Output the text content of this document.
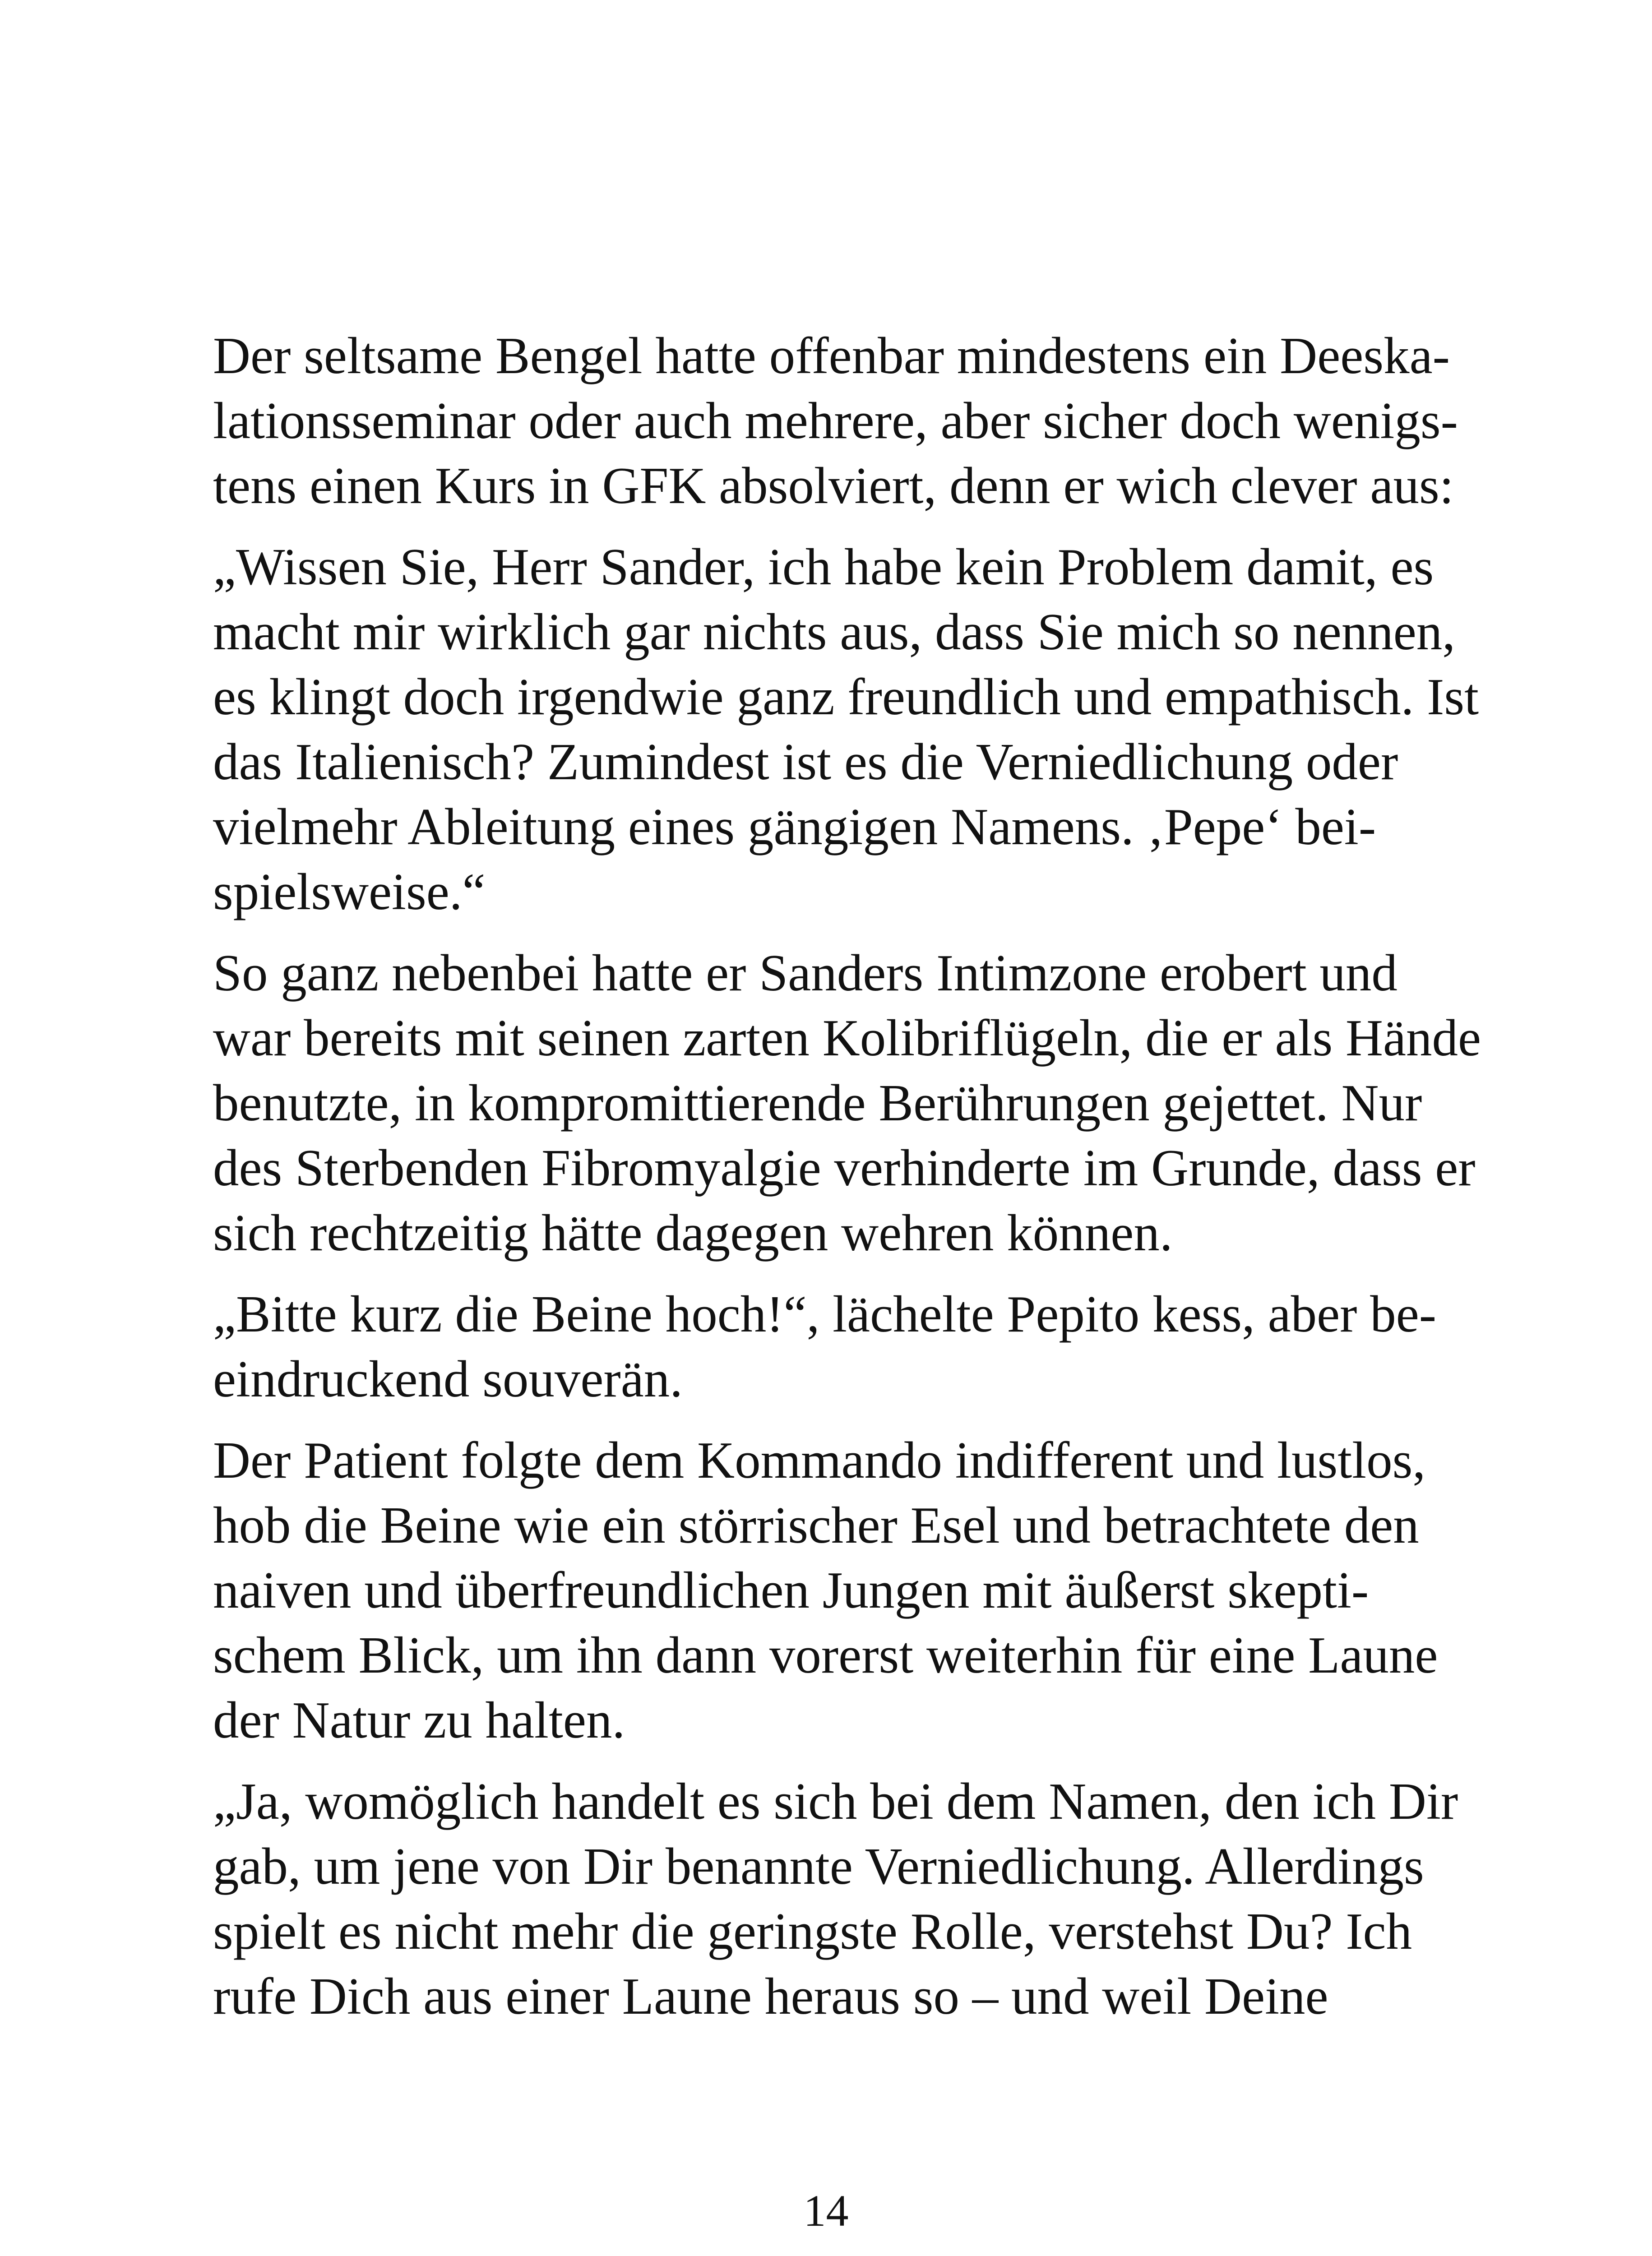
Der seltsame Bengel hatte offenbar mindestens ein Deeska-
lationsseminar oder auch mehrere, aber sicher doch wenigs-
tens einen Kurs in GFK absolviert, denn er wich clever aus:
„Wissen Sie, Herr Sander, ich habe kein Problem damit, es
macht mir wirklich gar nichts aus, dass Sie mich so nennen,
es klingt doch irgendwie ganz freundlich und empathisch. Ist
das Italienisch? Zumindest ist es die Verniedlichung oder
vielmehr Ableitung eines gängigen Namens. ‚Pepe‘ bei-
spielsweise.“
So ganz nebenbei hatte er Sanders Intimzone erobert und
war bereits mit seinen zarten Kolibriflügeln, die er als Hände
benutzte, in kompromittierende Berührungen gejettet. Nur
des Sterbenden Fibromyalgie verhinderte im Grunde, dass er
sich rechtzeitig hätte dagegen wehren können.
„Bitte kurz die Beine hoch!“, lächelte Pepito kess, aber be-
eindruckend souverän.
Der Patient folgte dem Kommando indifferent und lustlos,
hob die Beine wie ein störrischer Esel und betrachtete den
naiven und überfreundlichen Jungen mit äußerst skepti-
schem Blick, um ihn dann vorerst weiterhin für eine Laune
der Natur zu halten.
„Ja, womöglich handelt es sich bei dem Namen, den ich Dir
gab, um jene von Dir benannte Verniedlichung. Allerdings
spielt es nicht mehr die geringste Rolle, verstehst Du? Ich
rufe Dich aus einer Laune heraus so – und weil Deine
14
